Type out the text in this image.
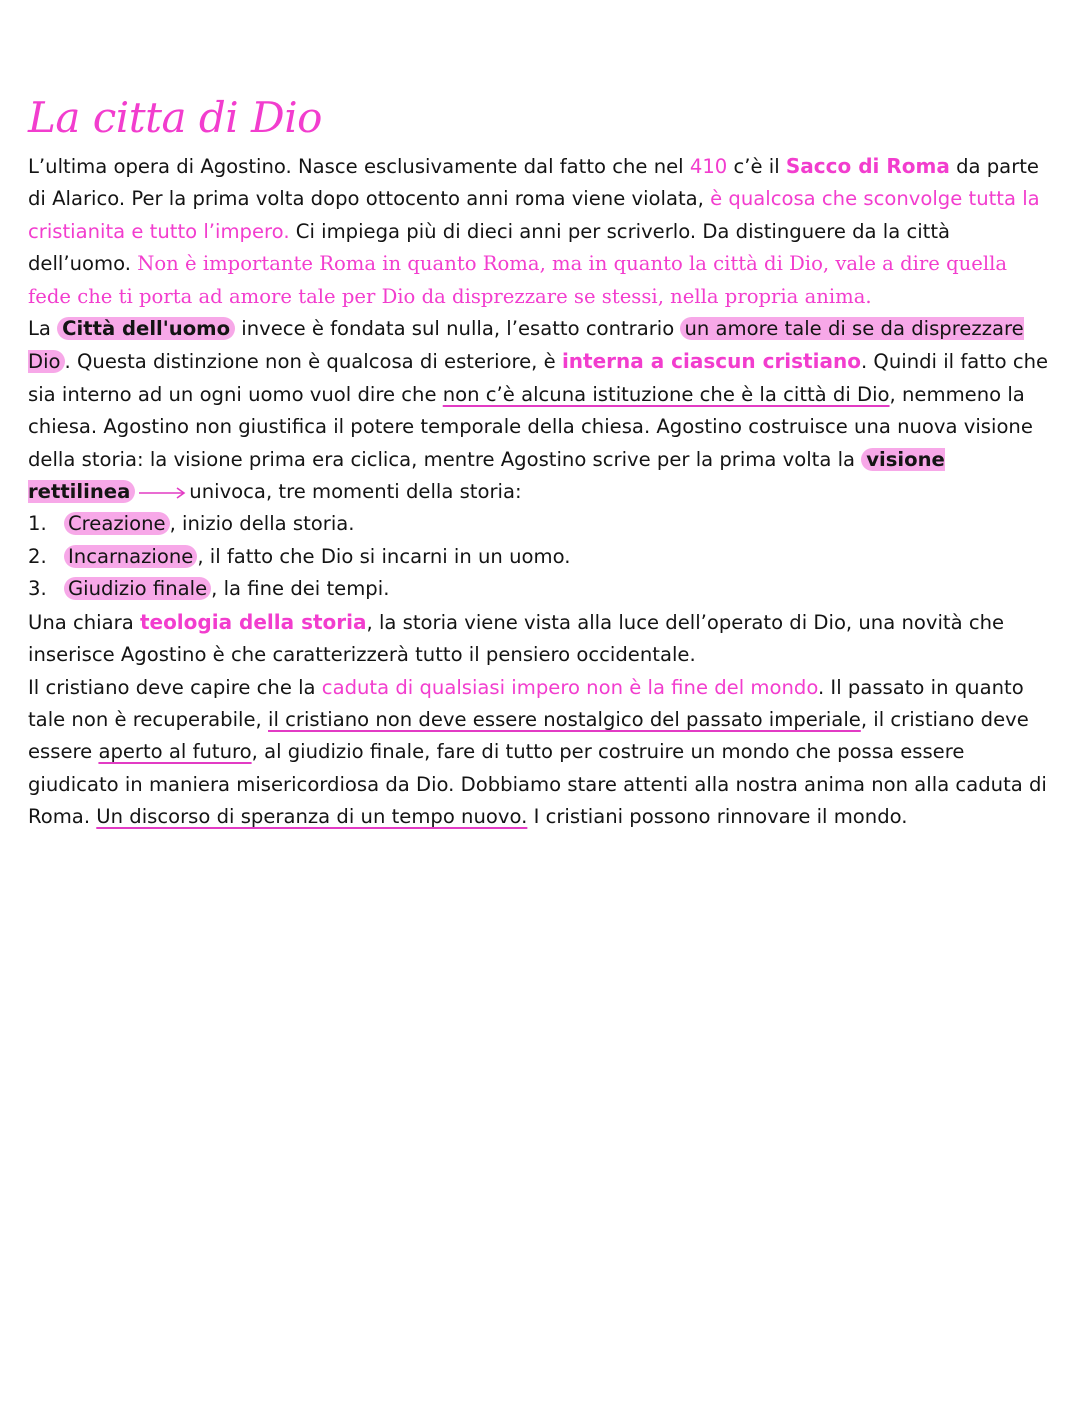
La citta di Dio

L’ultima opera di Agostino. Nasce esclusivamente dal fatto che nel 410 c’è il Sacco di Roma da parte di Alarico. Per la prima volta dopo ottocento anni roma viene violata, è qualcosa che sconvolge tutta la cristianita e tutto l’impero. Ci impiega più di dieci anni per scriverlo. Da distinguere da la città dell’uomo. Non è importante Roma in quanto Roma, ma in quanto la città di Dio, vale a dire quella fede che ti porta ad amore tale per Dio da disprezzare se stessi, nella propria anima.

La Città dell'uomo invece è fondata sul nulla, l’esatto contrario un amore tale di se da disprezzare Dio . Questa distinzione non è qualcosa di esteriore, è interna a ciascun cristiano. Quindi il fatto che sia interno ad un ogni uomo vuol dire che non c’è alcuna istituzione che è la città di Dio, nemmeno la chiesa. Agostino non giustifica il potere temporale della chiesa. Agostino costruisce una nuova visione della storia: la visione prima era ciclica, mentre Agostino scrive per la prima volta la visione rettilinea	univoca, tre momenti della storia:

1. Creazione , inizio della storia.
2. Incarnazione , il fatto che Dio si incarni in un uomo.
3. Giudizio finale , la fine dei tempi.

Una chiara teologia della storia, la storia viene vista alla luce dell’operato di Dio, una novità che inserisce Agostino è che caratterizzerà tutto il pensiero occidentale.

Il cristiano deve capire che la caduta di qualsiasi impero non è la fine del mondo. Il passato in quanto tale non è recuperabile, il cristiano non deve essere nostalgico del passato imperiale, il cristiano deve essere aperto al futuro, al giudizio finale, fare di tutto per costruire un mondo che possa essere giudicato in maniera misericordiosa da Dio. Dobbiamo stare attenti alla nostra anima non alla caduta di Roma. Un discorso di speranza di un tempo nuovo. I cristiani possono rinnovare il mondo.
